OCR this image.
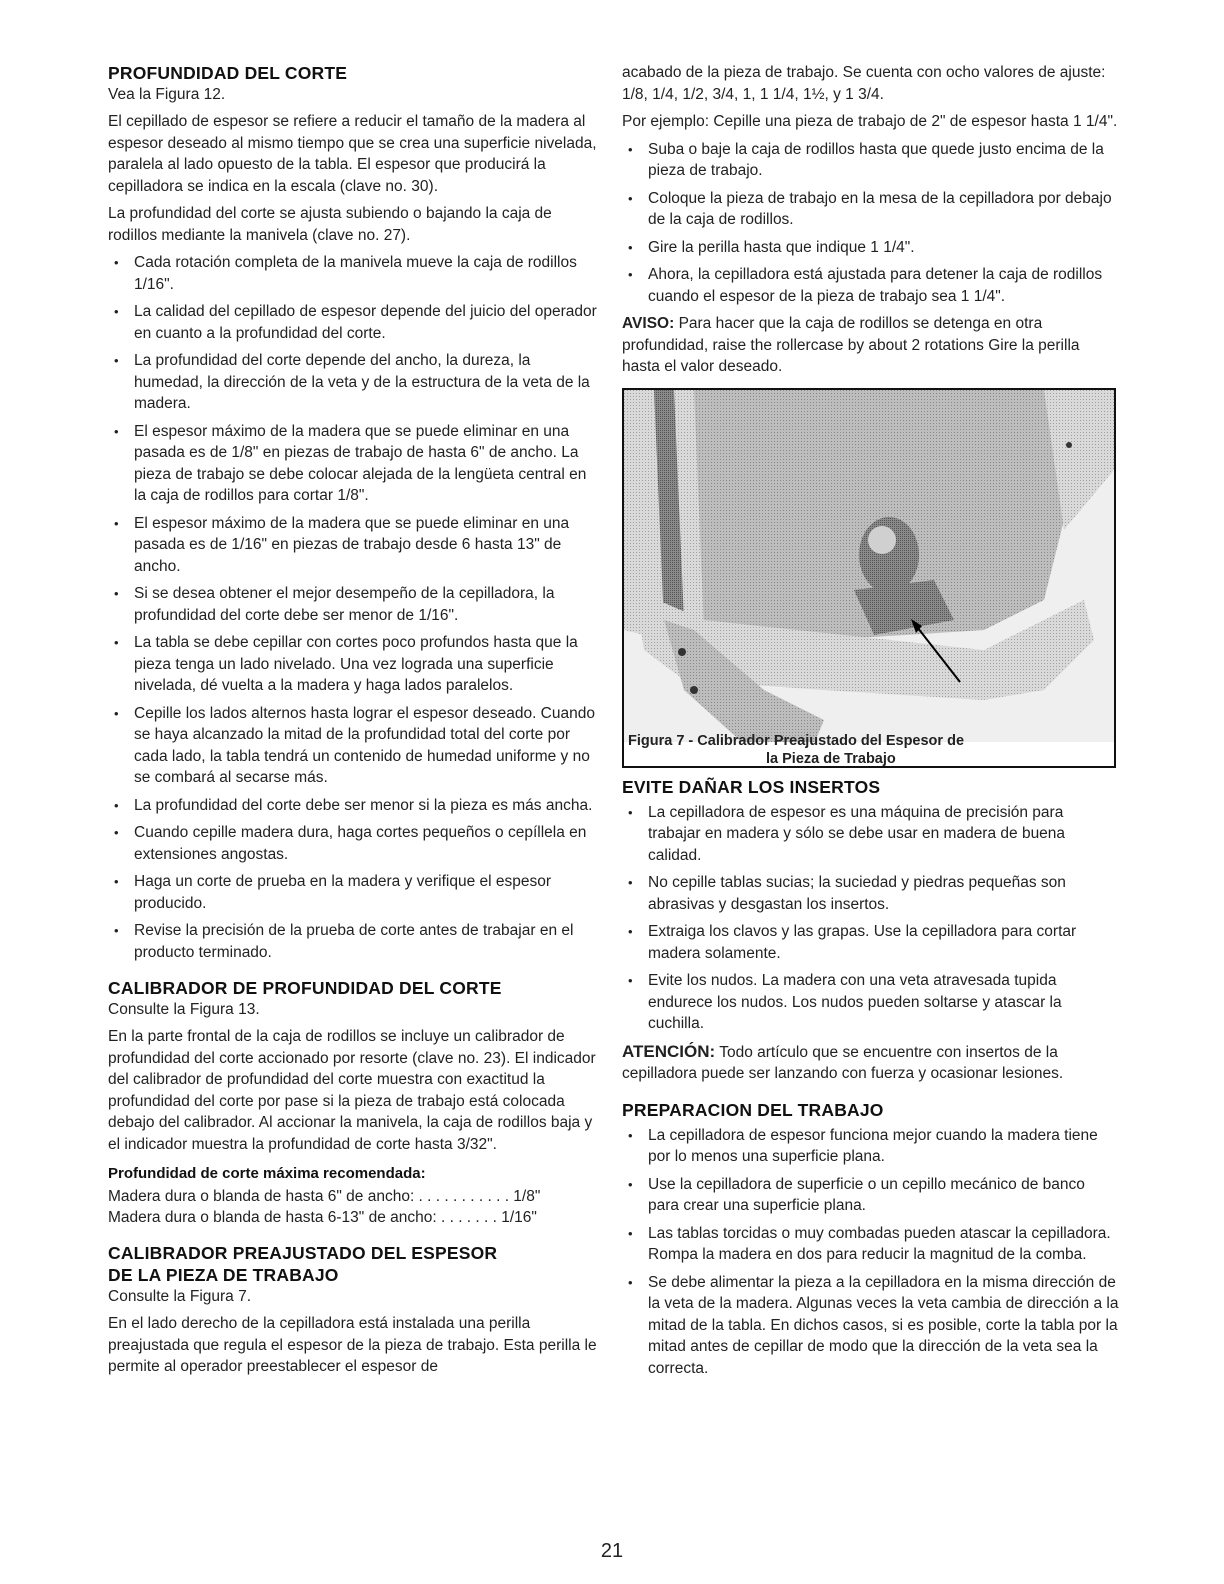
PROFUNDIDAD DEL CORTE

Vea la Figura 12.

El cepillado de espesor se refiere a reducir el tamaño de la madera al espesor deseado al mismo tiempo que se crea una superficie nivelada, paralela al lado opuesto de la tabla. El espesor que producirá la cepilladora se indica en la escala (clave no. 30).

La profundidad del corte se ajusta subiendo o bajando la caja de rodillos mediante la manivela (clave no. 27).

• Cada rotación completa de la manivela mueve la caja de rodillos 1/16".
• La calidad del cepillado de espesor depende del juicio del operador en cuanto a la profundidad del corte.
• La profundidad del corte depende del ancho, la dureza, la humedad, la dirección de la veta y de la estructura de la veta de la madera.
• El espesor máximo de la madera que se puede eliminar en una pasada es de 1/8" en piezas de trabajo de hasta 6" de ancho. La pieza de trabajo se debe colocar alejada de la lengüeta central en la caja de rodillos para cortar 1/8".
• El espesor máximo de la madera que se puede eliminar en una pasada es de 1/16" en piezas de trabajo desde 6 hasta 13" de ancho.
• Si se desea obtener el mejor desempeño de la cepilladora, la profundidad del corte debe ser menor de 1/16".
• La tabla se debe cepillar con cortes poco profundos hasta que la pieza tenga un lado nivelado. Una vez lograda una superficie nivelada, dé vuelta a la madera y haga lados paralelos.
• Cepille los lados alternos hasta lograr el espesor deseado. Cuando se haya alcanzado la mitad de la profundidad total del corte por cada lado, la tabla tendrá un contenido de humedad uniforme y no se combará al secarse más.
• La profundidad del corte debe ser menor si la pieza es más ancha.
• Cuando cepille madera dura, haga cortes pequeños o cepíllela en extensiones angostas.
• Haga un corte de prueba en la madera y verifique el espesor producido.
• Revise la precisión de la prueba de corte antes de trabajar en el producto terminado.
CALIBRADOR DE PROFUNDIDAD DEL CORTE

Consulte la Figura 13.

En la parte frontal de la caja de rodillos se incluye un calibrador de profundidad del corte accionado por resorte (clave no. 23). El indicador del calibrador de profundidad del corte muestra con exactitud la profundidad del corte por pase si la pieza de trabajo está colocada debajo del calibrador. Al accionar la manivela, la caja de rodillos baja y el indicador muestra la profundidad de corte hasta 3/32".

Profundidad de corte máxima recomendada:
Madera dura o blanda de hasta 6" de ancho: . . . . . . . . . . . 1/8"
Madera dura o blanda de hasta 6-13" de ancho: . . . . . . . 1/16"
CALIBRADOR PREAJUSTADO DEL ESPESOR
DE LA PIEZA DE TRABAJO

Consulte la Figura 7.

En el lado derecho de la cepilladora está instalada una perilla preajustada que regula el espesor de la pieza de trabajo. Esta perilla le permite al operador preestablecer el espesor de

acabado de la pieza de trabajo. Se cuenta con ocho valores de ajuste: 1/8, 1/4, 1/2, 3/4, 1, 1 1/4, 1½, y 1 3/4.

Por ejemplo: Cepille una pieza de trabajo de 2" de espesor hasta 1 1/4".

• Suba o baje la caja de rodillos hasta que quede justo encima de la pieza de trabajo.
• Coloque la pieza de trabajo en la mesa de la cepilladora por debajo de la caja de rodillos.
• Gire la perilla hasta que indique 1 1/4".
• Ahora, la cepilladora está ajustada para detener la caja de rodillos cuando el espesor de la pieza de trabajo sea 1 1/4".

AVISO: Para hacer que la caja de rodillos se detenga en otra profundidad, raise the rollercase by about 2 rotations Gire la perilla hasta el valor deseado.

Figura 7 - Calibrador Preajustado del Espesor de
la Pieza de Trabajo
EVITE DAÑAR LOS INSERTOS
• La cepilladora de espesor es una máquina de precisión para trabajar en madera y sólo se debe usar en madera de buena calidad.
• No cepille tablas sucias; la suciedad y piedras pequeñas son abrasivas y desgastan los insertos.
• Extraiga los clavos y las grapas. Use la cepilladora para cortar madera solamente.
• Evite los nudos. La madera con una veta atravesada tupida endurece los nudos. Los nudos pueden soltarse y atascar la cuchilla.

ATENCIÓN: Todo artículo que se encuentre con insertos de la cepilladora puede ser lanzando con fuerza y ocasionar lesiones.

PREPARACION DEL TRABAJO
• La cepilladora de espesor funciona mejor cuando la madera tiene por lo menos una superficie plana.
• Use la cepilladora de superficie o un cepillo mecánico de banco para crear una superficie plana.
• Las tablas torcidas o muy combadas pueden atascar la cepilladora. Rompa la madera en dos para reducir la magnitud de la comba.
• Se debe alimentar la pieza a la cepilladora en la misma dirección de la veta de la madera. Algunas veces la veta cambia de dirección a la mitad de la tabla. En dichos casos, si es posible, corte la tabla por la mitad antes de cepillar de modo que la dirección de la veta sea la correcta.
21
